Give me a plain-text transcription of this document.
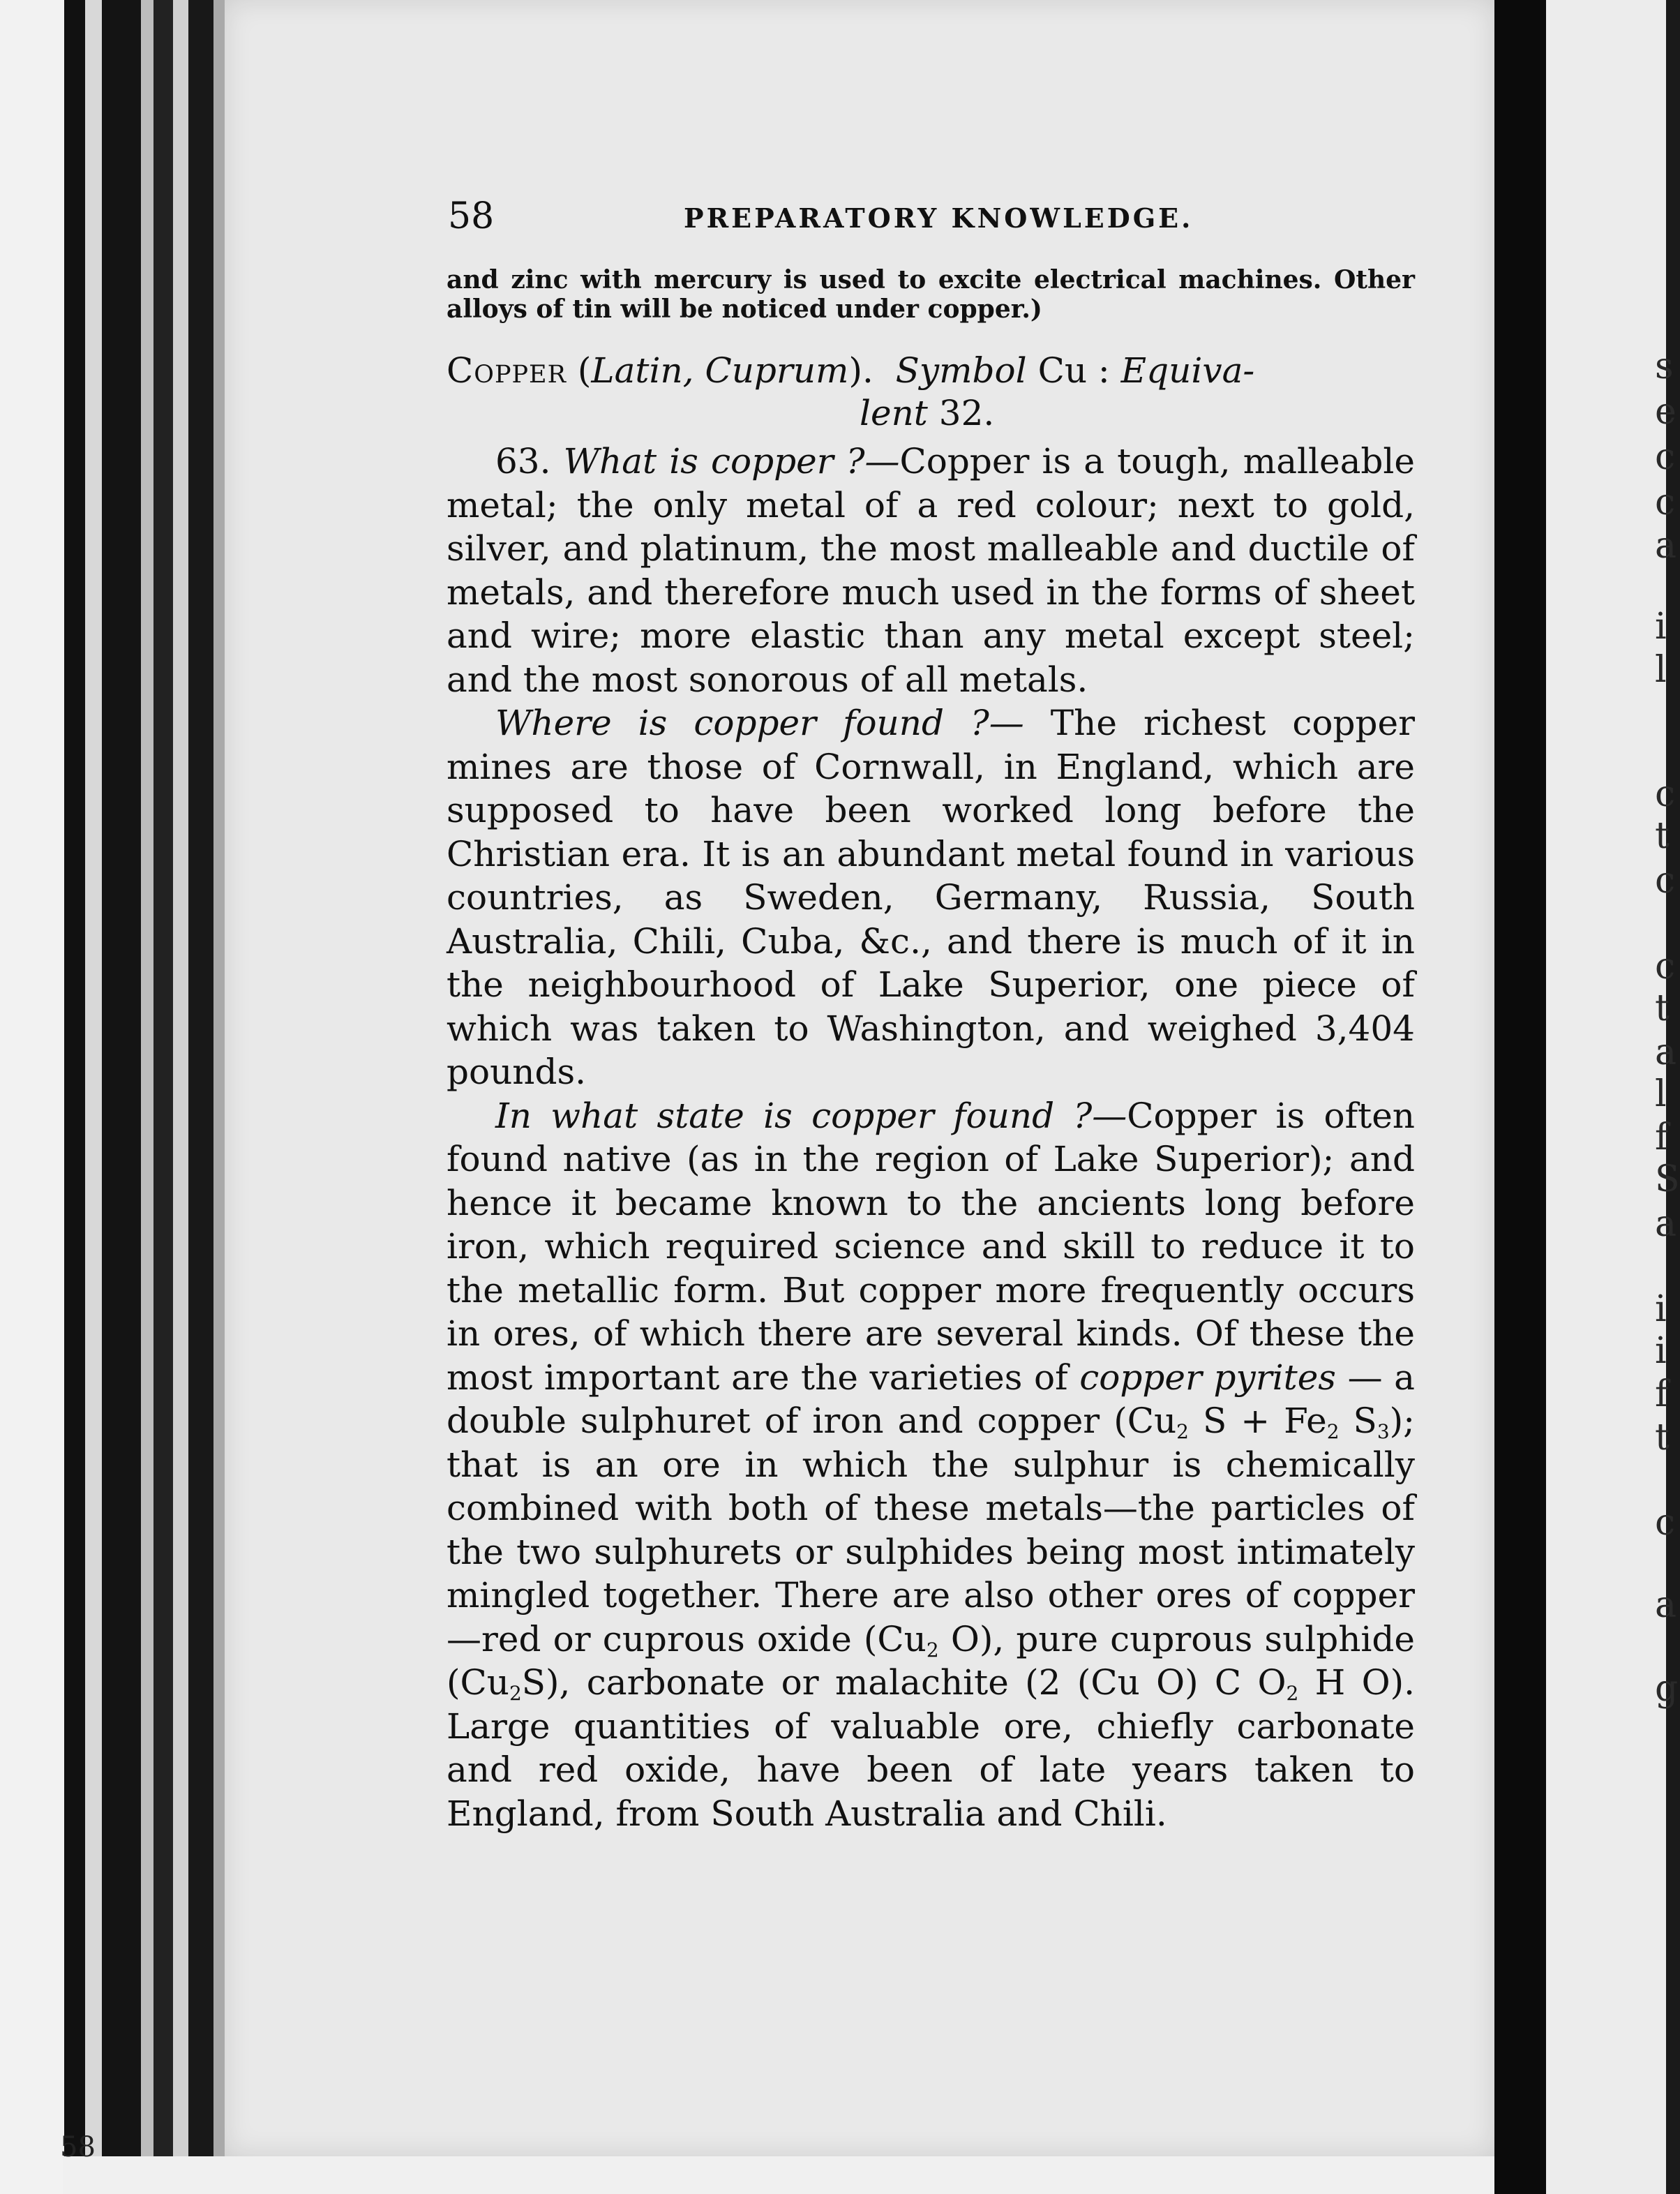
s
e
c
c
a
i
l
c
t
c
c
t
a
l
f
S
a
i
i
f
t
c
a
g
58
58	PREPARATORY KNOWLEDGE.

and zinc with mercury is used to excite electrical machines. Other alloys of tin will be noticed under copper.)

Copper (Latin, Cuprum).  Symbol Cu : Equiva-
lent 32.

63. What is copper ?—Copper is a tough, malleable metal; the only metal of a red colour; next to gold, silver, and platinum, the most malleable and ductile of metals, and therefore much used in the forms of sheet and wire; more elastic than any metal except steel; and the most sonorous of all metals.

Where is copper found ?— The richest copper mines are those of Cornwall, in England, which are supposed to have been worked long before the Christian era. It is an abundant metal found in various countries, as Sweden, Germany, Russia, South Australia, Chili, Cuba, &c., and there is much of it in the neighbourhood of Lake Superior, one piece of which was taken to Washington, and weighed 3,404 pounds.

In what state is copper found ?—Copper is often found native (as in the region of Lake Superior); and hence it became known to the ancients long before iron, which required science and skill to reduce it to the metallic form. But copper more frequently occurs in ores, of which there are several kinds. Of these the most important are the varieties of copper pyrites — a double sulphuret of iron and copper ($Cu_2$ $S + Fe_2$ $S_3$); that is an ore in which the sulphur is chemically combined with both of these metals—the particles of the two sulphurets or sulphides being most intimately mingled together. There are also other ores of copper—red or cuprous oxide ($Cu_2$ O), pure cuprous sulphide $(Cu_2S)$, carbonate or malachite (2 (Cu O) C $O_2$ H O). Large quantities of valuable ore, chiefly carbonate and red oxide, have been of late years taken to England, from South Australia and Chili.
